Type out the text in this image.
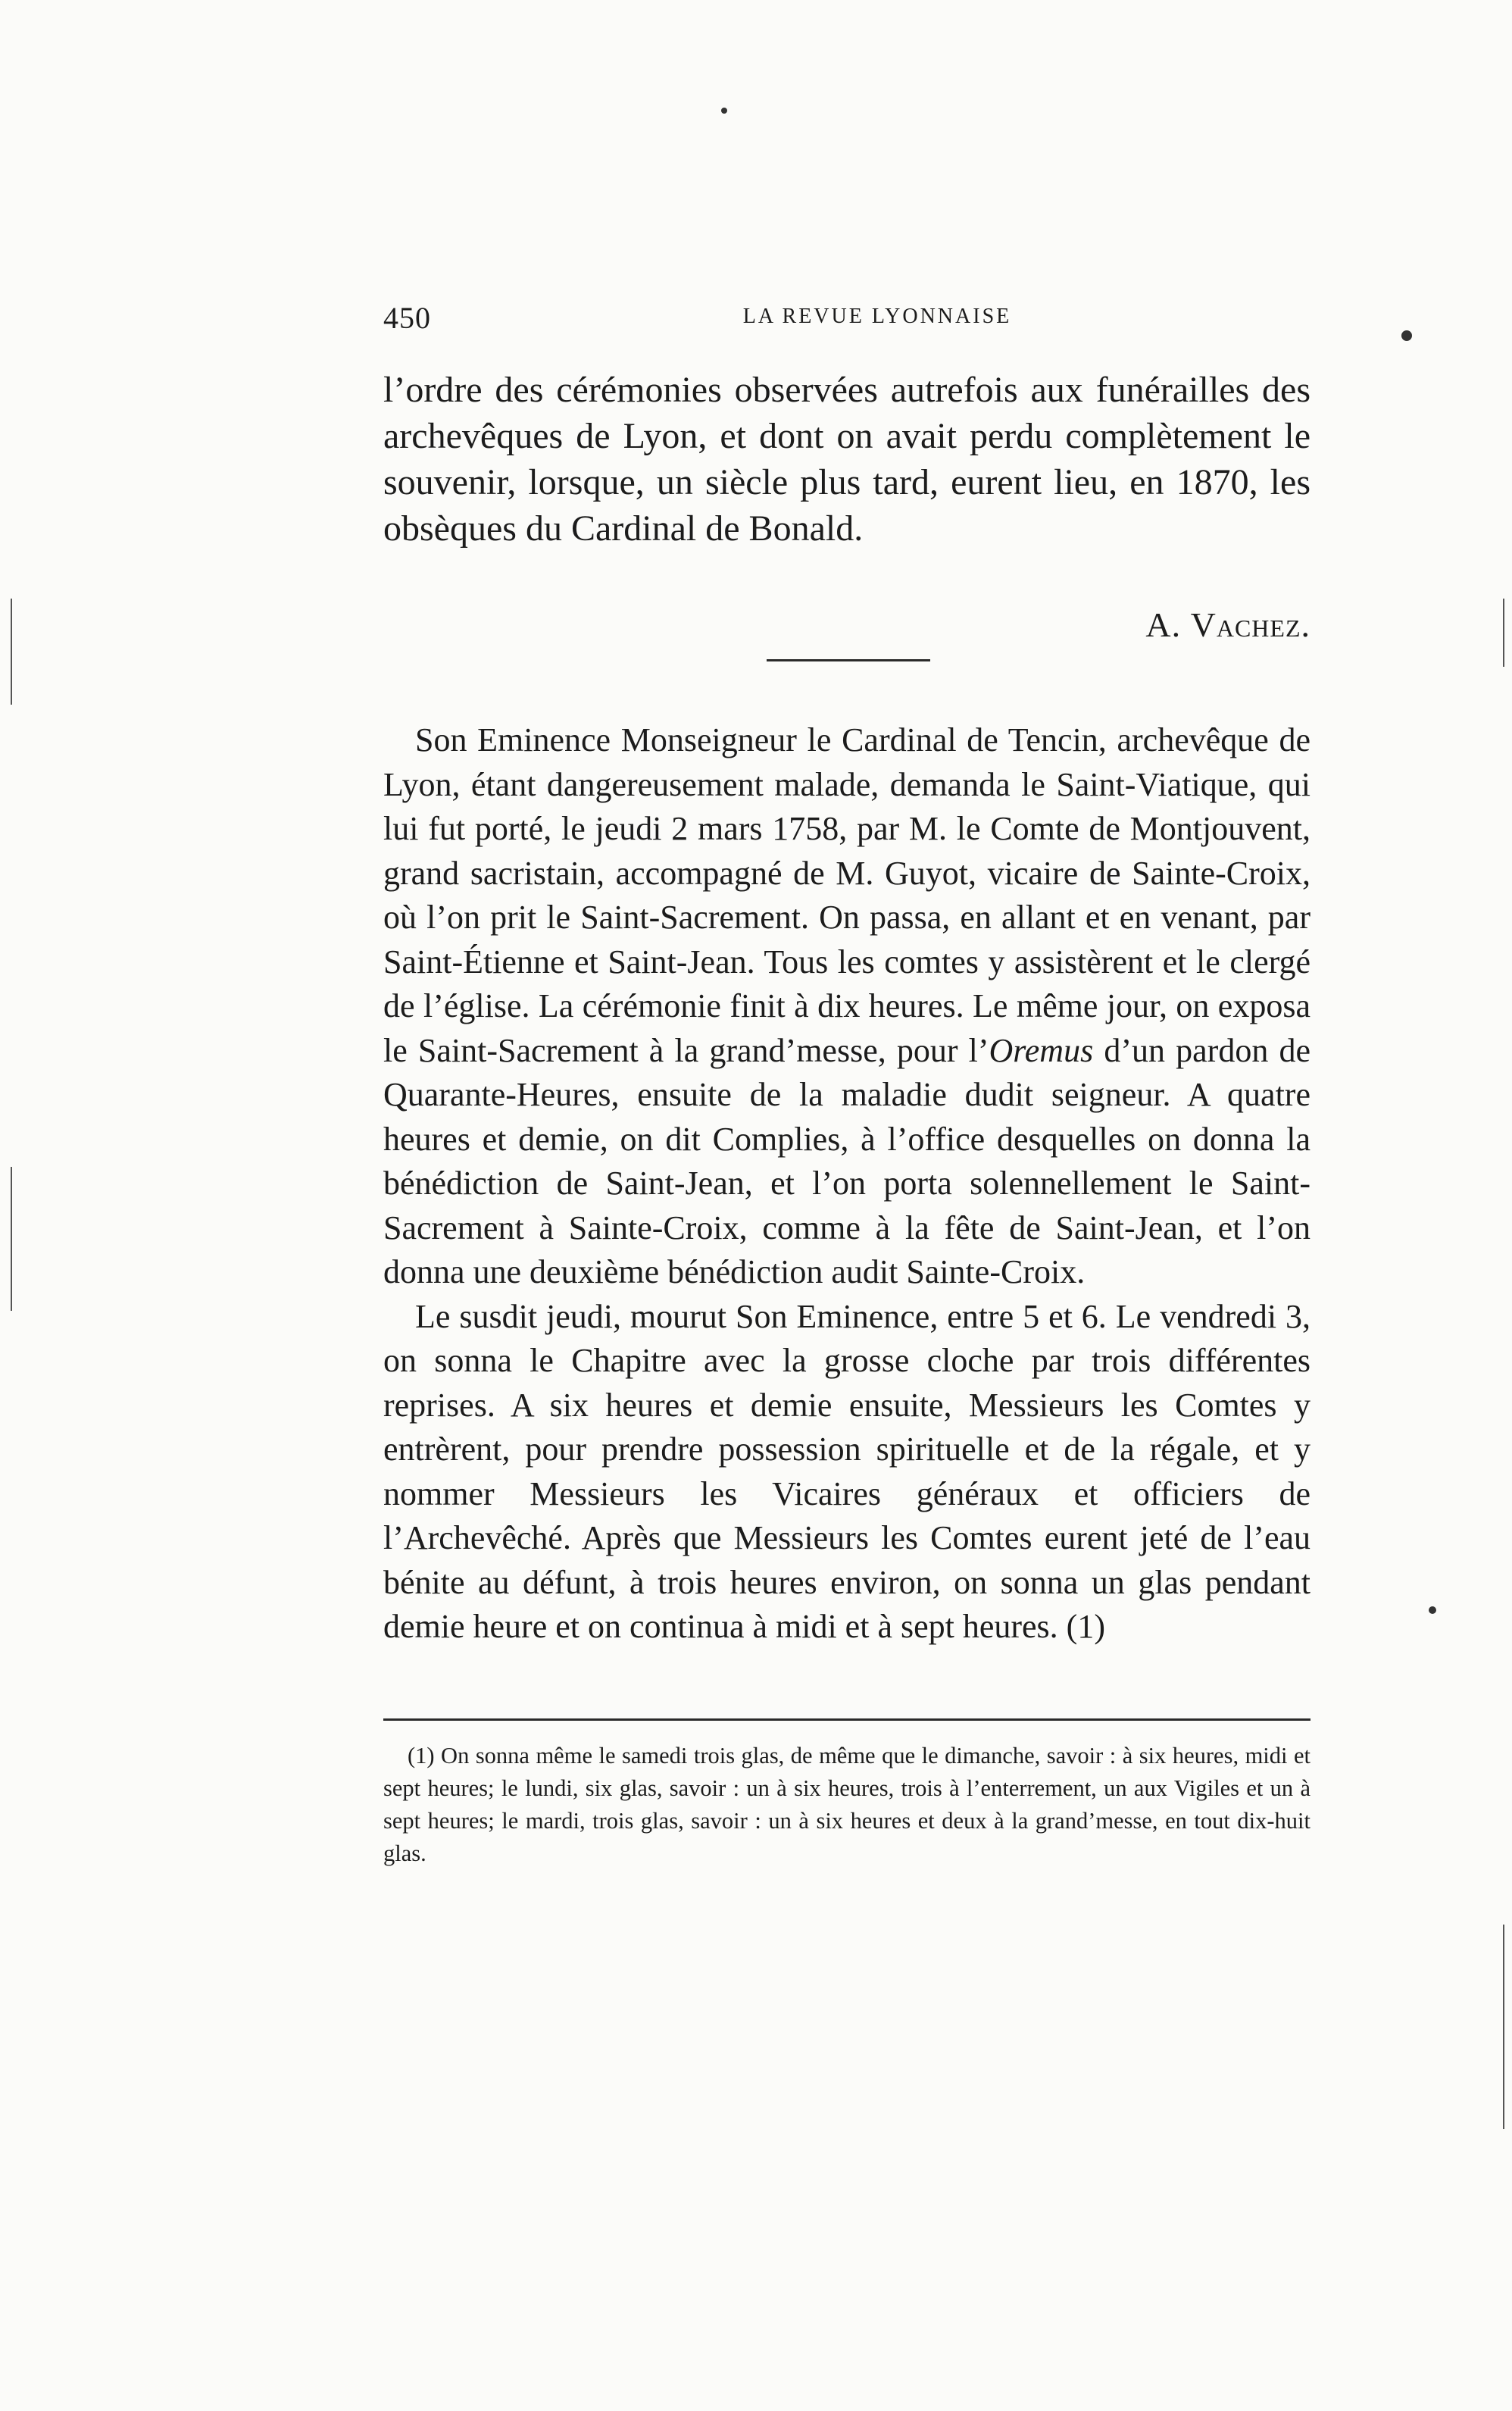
450	LA REVUE LYONNAISE

l’ordre des cérémonies observées autrefois aux funérailles des archevêques de Lyon, et dont on avait perdu complètement le souvenir, lorsque, un siècle plus tard, eurent lieu, en 1870, les obsèques du Cardinal de Bonald.

A. Vachez.

Son Eminence Monseigneur le Cardinal de Tencin, archevêque de Lyon, étant dangereusement malade, demanda le Saint-Viatique, qui lui fut porté, le jeudi 2 mars 1758, par M. le Comte de Montjouvent, grand sacristain, accompagné de M. Guyot, vicaire de Sainte-Croix, où l’on prit le Saint-Sacrement. On passa, en allant et en venant, par Saint-Étienne et Saint-Jean. Tous les comtes y assistèrent et le clergé de l’église. La cérémonie finit à dix heures. Le même jour, on exposa le Saint-Sacrement à la grand’messe, pour l’Oremus d’un pardon de Quarante-Heures, ensuite de la maladie dudit seigneur. A quatre heures et demie, on dit Complies, à l’office desquelles on donna la bénédiction de Saint-Jean, et l’on porta solennellement le Saint-Sacrement à Sainte-Croix, comme à la fête de Saint-Jean, et l’on donna une deuxième bénédiction audit Sainte-Croix.

Le susdit jeudi, mourut Son Eminence, entre 5 et 6. Le vendredi 3, on sonna le Chapitre avec la grosse cloche par trois différentes reprises. A six heures et demie ensuite, Messieurs les Comtes y entrèrent, pour prendre possession spirituelle et de la régale, et y nommer Messieurs les Vicaires généraux et officiers de l’Archevêché. Après que Messieurs les Comtes eurent jeté de l’eau bénite au défunt, à trois heures environ, on sonna un glas pendant demie heure et on continua à midi et à sept heures. (1)

(1) On sonna même le samedi trois glas, de même que le dimanche, savoir : à six heures, midi et sept heures; le lundi, six glas, savoir : un à six heures, trois à l’enterrement, un aux Vigiles et un à sept heures; le mardi, trois glas, savoir : un à six heures et deux à la grand’messe, en tout dix-huit glas.
